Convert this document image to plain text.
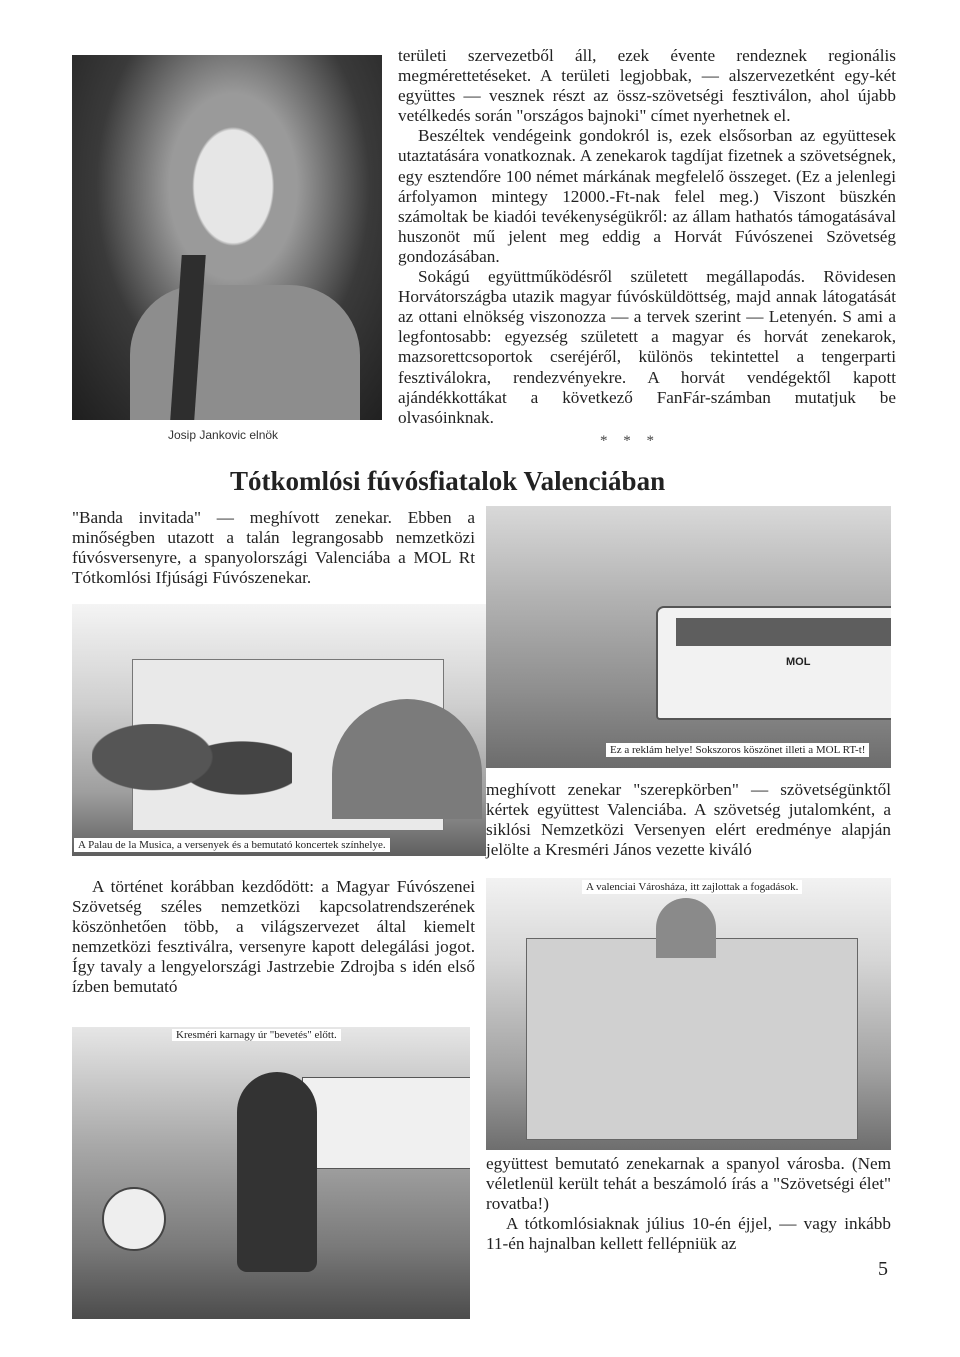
Josip Jankovic elnök

területi szervezetből áll, ezek évente rendeznek regionális megmérettetéseket. A területi legjobbak, — alszervezetként egy-két együttes — vesznek részt az össz-szövetségi fesztiválon, ahol újabb vetélkedés során "országos bajnoki" címet nyerhetnek el.

Beszéltek vendégeink gondokról is, ezek elsősorban az együttesek utaztatására vonatkoznak. A zenekarok tagdíjat fizetnek a szövetségnek, egy esztendőre 100 német márkának megfelelő összeget. (Ez a jelenlegi árfolyamon mintegy 12000.-Ft-nak felel meg.) Viszont büszkén számoltak be kiadói tevékenységükről: az állam hathatós támogatásával huszonöt mű jelent meg eddig a Horvát Fúvószenei Szövetség gondozásában.

Sokágú együttműködésről született megállapodás. Rövidesen Horvátországba utazik magyar fúvósküldöttség, majd annak látogatását az ottani elnökség viszonozza — a tervek szerint — Letenyén. S ami a legfontosabb: egyezség született a magyar és horvát zenekarok, mazsorettcsoportok cseréjéről, különös tekintettel a tengerparti fesztiválokra, rendezvényekre. A horvát vendégektől kapott ajándékkottákat a következő FanFár-számban mutatjuk be olvasóinknak.

* * *
Tótkomlósi fúvósfiatalok Valenciában

"Banda invitada" — meghívott zenekar. Ebben a minőségben utazott a talán legrangosabb nemzetközi fúvósversenyre, a spanyolországi Valenciába a MOL Rt Tótkomlósi Ifjúsági Fúvószenekar.

MOL
Ez a reklám helye! Sokszoros köszönet illeti a MOL RT-t!
A Palau de la Musica, a versenyek és a bemutató koncertek színhelye.

meghívott zenekar "szerepkörben" — szövetségünktől kértek együttest Valenciába. A szövetség jutalomként, a siklósi Nemzetközi Versenyen elért eredménye alapján jelölte a Kresméri János vezette kiváló

A történet korábban kezdődött: a Magyar Fúvószenei Szövetség széles nemzetközi kapcsolatrendszerének köszönhetően több, a világszervezet által kiemelt nemzetközi fesztiválra, versenyre kapott delegálási jogot. Így tavaly a lengyelországi Jastrzebie Zdrojba s idén első ízben bemutató

A valenciai Városháza, itt zajlottak a fogadások.
Kresméri karnagy úr "bevetés" előtt.

együttest bemutató zenekarnak a spanyol városba. (Nem véletlenül került tehát a beszámoló írás a "Szövetségi élet" rovatba!)

A tótkomlósiaknak július 10-én éjjel, — vagy inkább 11-én hajnalban kellett fellépniük az

5
